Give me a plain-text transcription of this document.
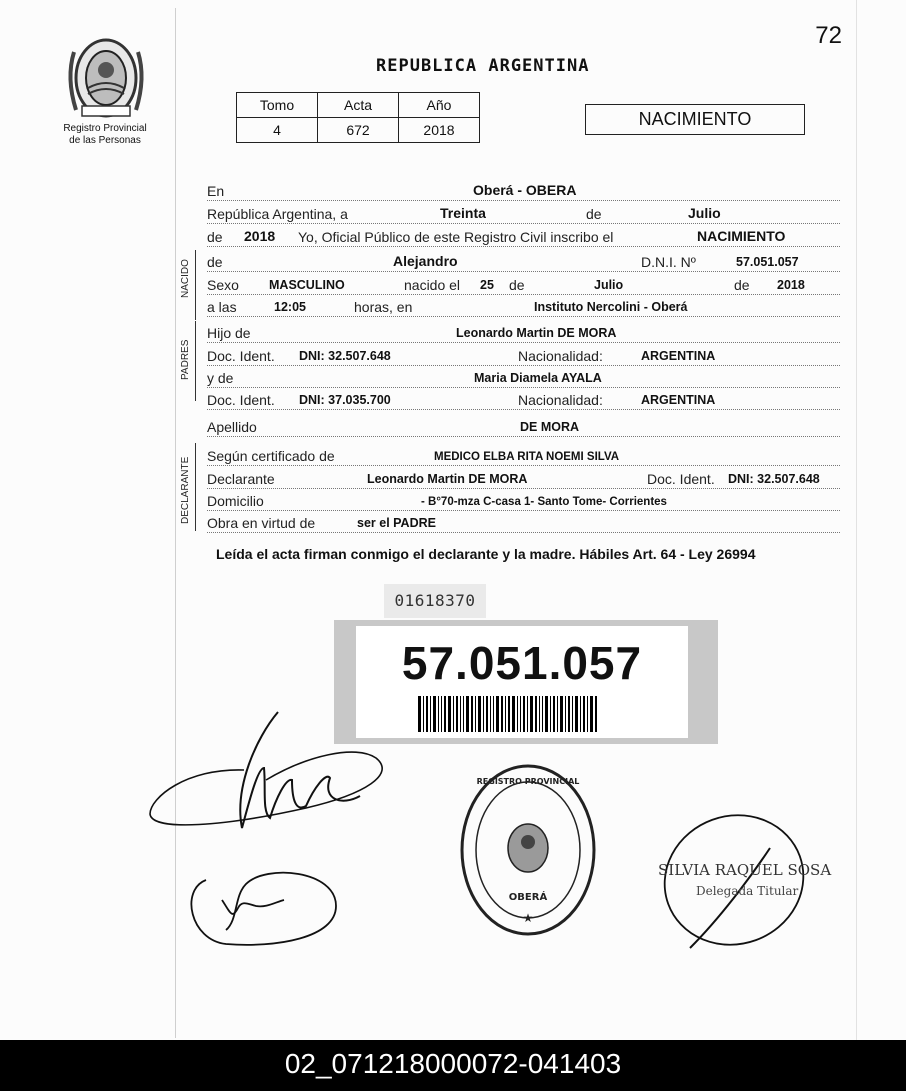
72
Registro Provincial
de las Personas
REPUBLICA ARGENTINA
Tomo	Acta	Año
4	672	2018
NACIMIENTO
En	Oberá - OBERA
República Argentina, a	Treinta	de	Julio
de 2018 Yo, Oficial Público de este Registro Civil inscribo el	NACIMIENTO
NACIDO de	Alejandro	D.N.I. Nº	57.051.057
Sexo MASCULINO	nacido el 25 de	Julio	de 2018
a las	12:05	horas, en	Instituto Nercolini - Oberá
PADRES
Hijo de	Leonardo Martin DE MORA
Doc. Ident. DNI: 32.507.648	Nacionalidad:	ARGENTINA
y de	Maria Diamela AYALA
Doc. Ident. DNI: 37.035.700	Nacionalidad:	ARGENTINA
Apellido	DE MORA
DECLARANTE
Según certificado de	MEDICO ELBA RITA NOEMI SILVA
Declarante	Leonardo Martin DE MORA	Doc. Ident. DNI: 32.507.648
Domicilio	- B°70-mza C-casa 1- Santo Tome- Corrientes
Obra en virtud de	ser el PADRE
Leída el acta firman conmigo el declarante y la madre. Hábiles Art. 64 - Ley 26994
01618370
57.051.057
REGISTRO PROVINCIAL
OBERÁ
★
SILVIA RAQUEL SOSA
Delegada Titular
02_071218000072-041403
